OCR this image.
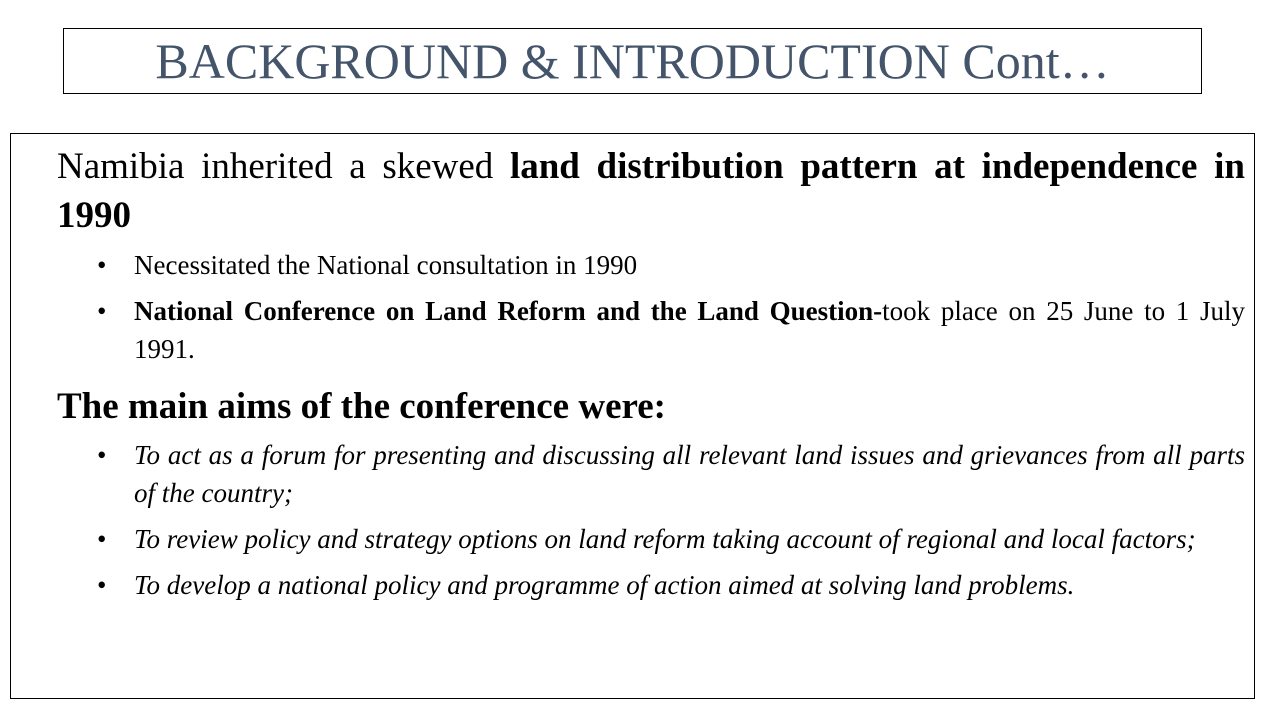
BACKGROUND & INTRODUCTION Cont…

Namibia inherited a skewed land distribution pattern at independence in 1990

• Necessitated the National consultation in 1990
• National Conference on Land Reform and the Land Question-took place on 25 June to 1 July 1991.

The main aims of the conference were:

• To act as a forum for presenting and discussing all relevant land issues and grievances from all parts of the country;
• To review policy and strategy options on land reform taking account of regional and local factors;
• To develop a national policy and programme of action aimed at solving land problems.
